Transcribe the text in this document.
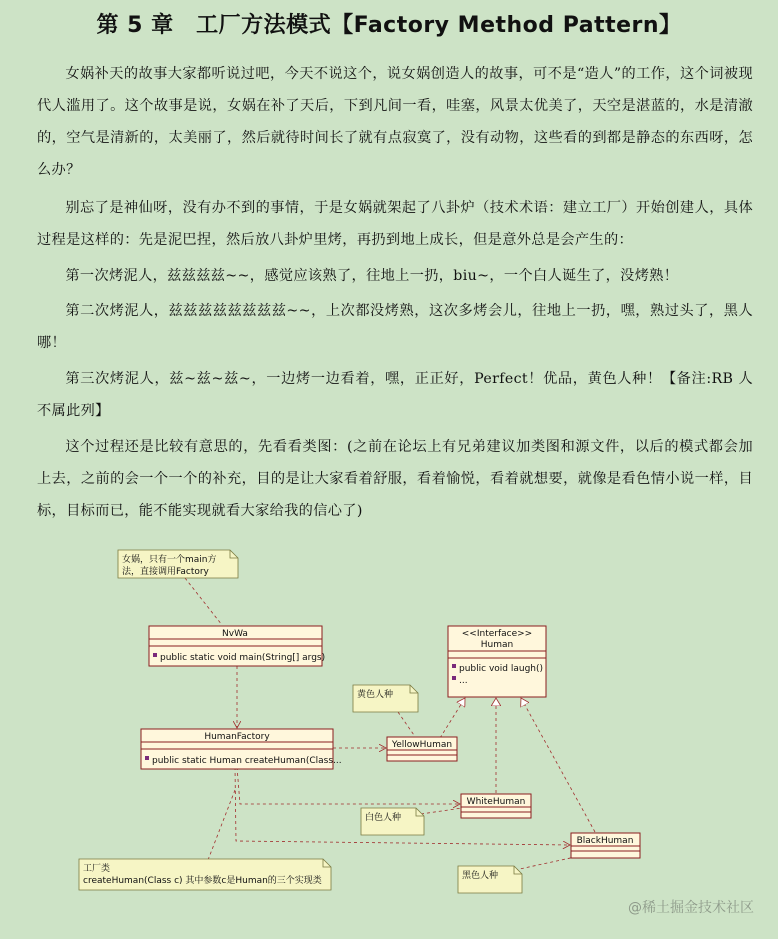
第 5 章　工厂方法模式【Factory Method Pattern】

女娲补天的故事大家都听说过吧，今天不说这个，说女娲创造人的故事，可不是“造人”的工作，这个词被现代人滥用了。这个故事是说，女娲在补了天后，下到凡间一看，哇塞，风景太优美了，天空是湛蓝的，水是清澈的，空气是清新的，太美丽了，然后就待时间长了就有点寂寞了，没有动物，这些看的到都是静态的东西呀，怎么办？

别忘了是神仙呀，没有办不到的事情，于是女娲就架起了八卦炉（技术术语：建立工厂）开始创建人，具体过程是这样的：先是泥巴捏，然后放八卦炉里烤，再扔到地上成长，但是意外总是会产生的：

第一次烤泥人，兹兹兹兹~~，感觉应该熟了，往地上一扔，biu~，一个白人诞生了，没烤熟！

第二次烤泥人，兹兹兹兹兹兹兹兹~~，上次都没烤熟，这次多烤会儿，往地上一扔，嘿，熟过头了，黑人哪！

第三次烤泥人，兹~兹~兹~，一边烤一边看着，嘿，正正好，Perfect！优品，黄色人种！【备注:RB 人不属此列】

这个过程还是比较有意思的，先看看类图：(之前在论坛上有兄弟建议加类图和源文件，以后的模式都会加上去，之前的会一个一个的补充，目的是让大家看着舒服，看着愉悦，看着就想要，就像是看色情小说一样，目标，目标而已，能不能实现就看大家给我的信心了)

女娲，只有一个main方
法，直接调用Factory
NvWa
public static void main(String[] args)
<<Interface>>
Human
public void laugh()
...
黄色人种
YellowHuman
HumanFactory
public static Human createHuman(Class...
WhiteHuman
白色人种
BlackHuman
工厂类
createHuman(Class c) 其中参数c是Human的三个实现类	黑色人种
@稀土掘金技术社区
